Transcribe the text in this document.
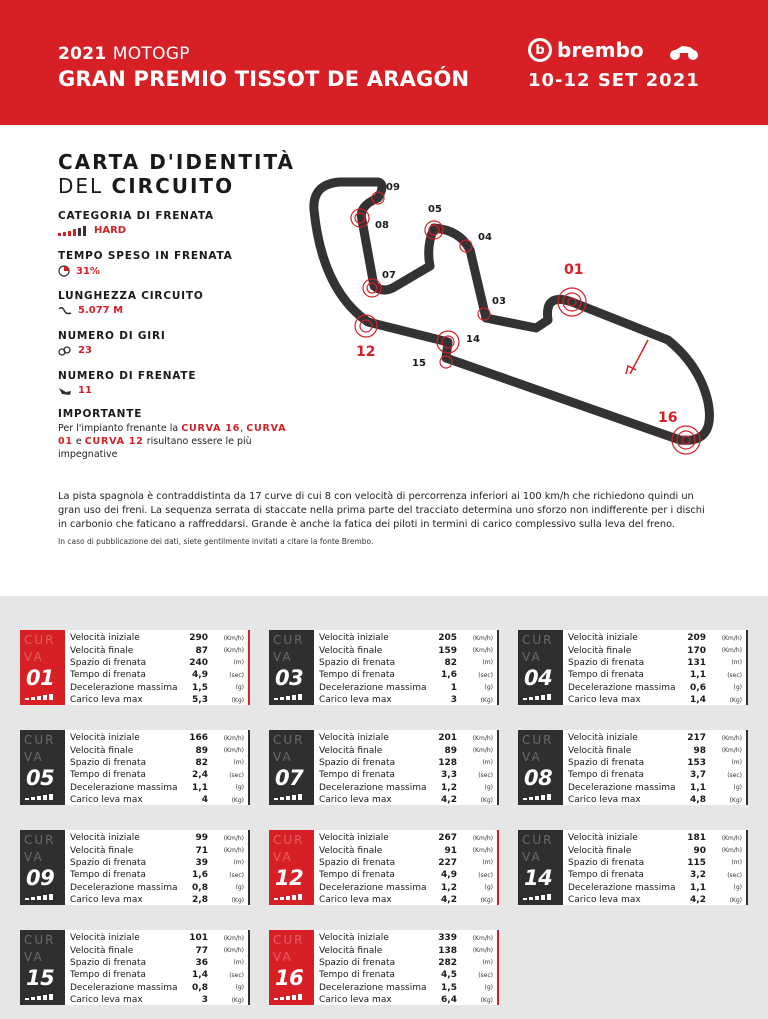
2021 MOTOGP
GRAN PREMIO TISSOT DE ARAGÓN
b brembo
10-12 SET 2021
CARTA D'IDENTITÀ
DEL CIRCUITO
CATEGORIA DI FRENATA
HARD
TEMPO SPESO IN FRENATA
31%
LUNGHEZZA CIRCUITO
5.077 M
NUMERO DI GIRI
23
NUMERO DI FRENATE
11
IMPORTANTE
Per l'impianto frenante la CURVA 16, CURVA 01 e CURVA 12 risultano essere le più impegnative
09
08
05
04
07
03
01
12
14
15
16
La pista spagnola è contraddistinta da 17 curve di cui 8 con velocità di percorrenza inferiori ai 100 km/h che richiedono quindi un gran uso dei freni. La sequenza serrata di staccate nella prima parte del tracciato determina uno sforzo non indifferente per i dischi in carbonio che faticano a raffreddarsi. Grande è anche la fatica dei piloti in termini di carico complessivo sulla leva del freno.
In caso di pubblicazione dei dati, siete gentilmente invitati a citare la fonte Brembo.
CUR
VA
01
Velocità iniziale	290	(Km/h)
Velocità finale	87	(Km/h)
Spazio di frenata	240	(m)
Tempo di frenata	4,9	(sec)
Decelerazione massima	1,5	(g)
Carico leva max	5,3	(Kg)
CUR
VA
03
Velocità iniziale	205	(Km/h)
Velocità finale	159	(Km/h)
Spazio di frenata	82	(m)
Tempo di frenata	1,6	(sec)
Decelerazione massima	1	(g)
Carico leva max	3	(Kg)
CUR
VA
04
Velocità iniziale	209	(Km/h)
Velocità finale	170	(Km/h)
Spazio di frenata	131	(m)
Tempo di frenata	1,1	(sec)
Decelerazione massima	0,6	(g)
Carico leva max	1,4	(Kg)
CUR
VA
05
Velocità iniziale	166	(Km/h)
Velocità finale	89	(Km/h)
Spazio di frenata	82	(m)
Tempo di frenata	2,4	(sec)
Decelerazione massima	1,1	(g)
Carico leva max	4	(Kg)
CUR
VA
07
Velocità iniziale	201	(Km/h)
Velocità finale	89	(Km/h)
Spazio di frenata	128	(m)
Tempo di frenata	3,3	(sec)
Decelerazione massima	1,2	(g)
Carico leva max	4,2	(Kg)
CUR
VA
08
Velocità iniziale	217	(Km/h)
Velocità finale	98	(Km/h)
Spazio di frenata	153	(m)
Tempo di frenata	3,7	(sec)
Decelerazione massima	1,1	(g)
Carico leva max	4,8	(Kg)
CUR
VA
09
Velocità iniziale	99	(Km/h)
Velocità finale	71	(Km/h)
Spazio di frenata	39	(m)
Tempo di frenata	1,6	(sec)
Decelerazione massima	0,8	(g)
Carico leva max	2,8	(Kg)
CUR
VA
12
Velocità iniziale	267	(Km/h)
Velocità finale	91	(Km/h)
Spazio di frenata	227	(m)
Tempo di frenata	4,9	(sec)
Decelerazione massima	1,2	(g)
Carico leva max	4,2	(Kg)
CUR
VA
14
Velocità iniziale	181	(Km/h)
Velocità finale	90	(Km/h)
Spazio di frenata	115	(m)
Tempo di frenata	3,2	(sec)
Decelerazione massima	1,1	(g)
Carico leva max	4,2	(Kg)
CUR
VA
15
Velocità iniziale	101	(Km/h)
Velocità finale	77	(Km/h)
Spazio di frenata	36	(m)
Tempo di frenata	1,4	(sec)
Decelerazione massima	0,8	(g)
Carico leva max	3	(Kg)
CUR
VA
16
Velocità iniziale	339	(Km/h)
Velocità finale	138	(Km/h)
Spazio di frenata	282	(m)
Tempo di frenata	4,5	(sec)
Decelerazione massima	1,5	(g)
Carico leva max	6,4	(Kg)
